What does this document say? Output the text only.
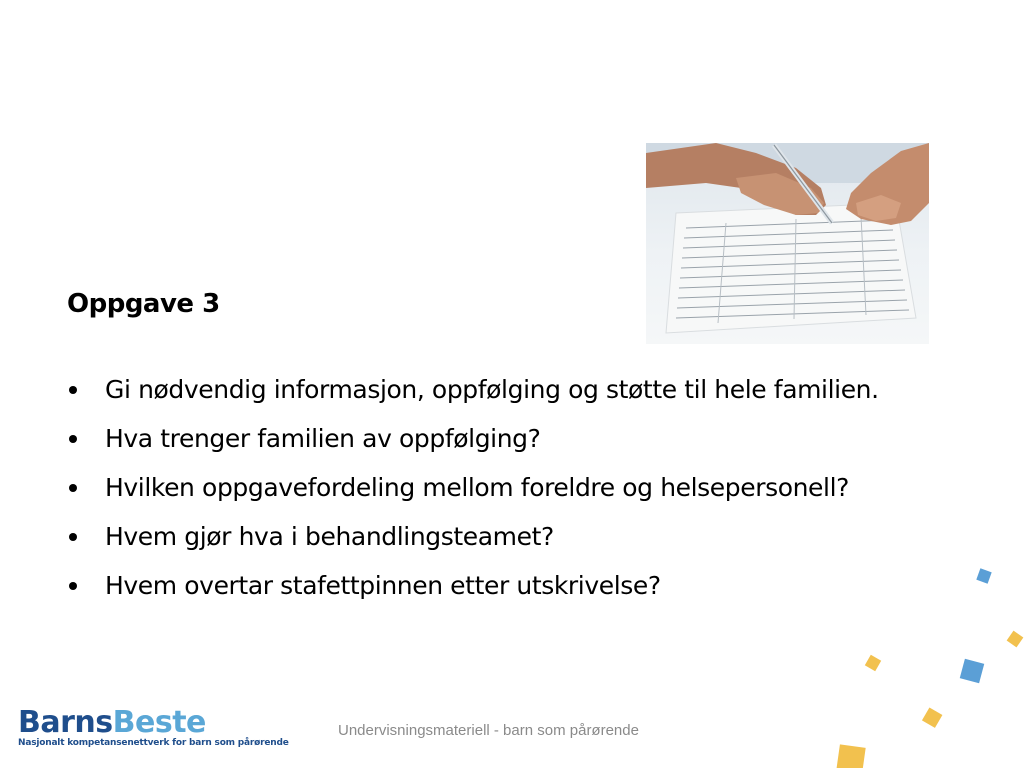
Oppgave 3
Gi nødvendig informasjon, oppfølging og støtte til hele familien.
Hva trenger familien av oppfølging?
Hvilken oppgavefordeling mellom foreldre og helsepersonell?
Hvem gjør hva i behandlingsteamet?
Hvem overtar stafettpinnen etter utskrivelse?
BarnsBeste
Nasjonalt kompetansenettverk for barn som pårørende
Undervisningsmateriell - barn som pårørende
